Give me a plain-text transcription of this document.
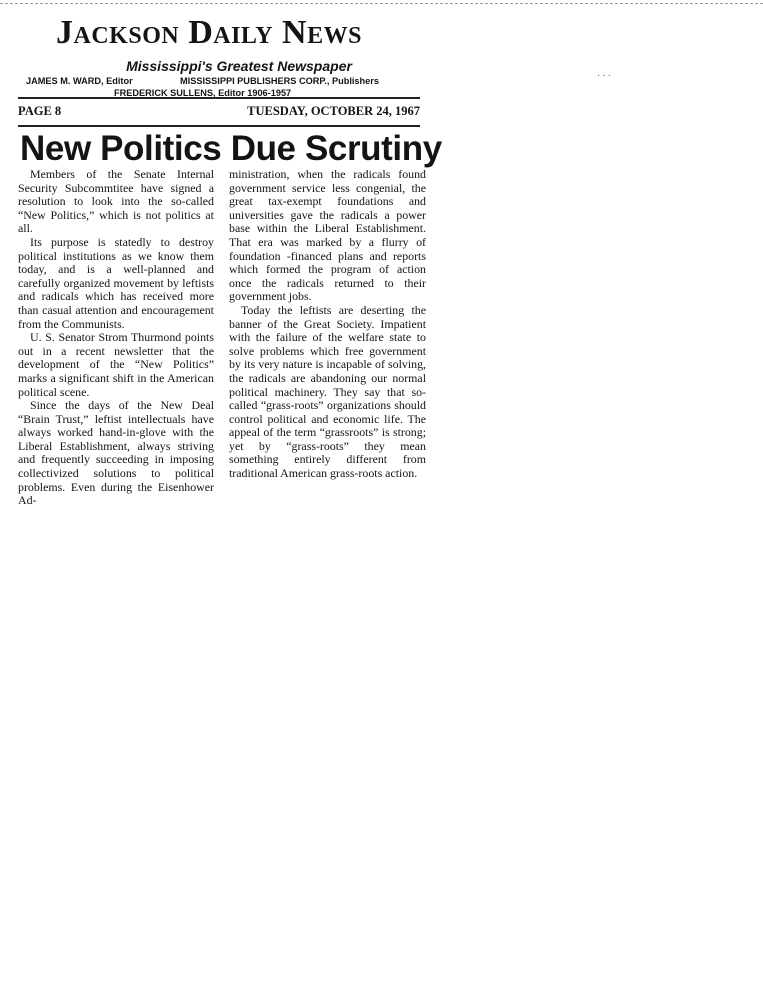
···
Jackson Daily News
Mississippi's Greatest Newspaper
JAMES M. WARD, Editor	MISSISSIPPI PUBLISHERS CORP., Publishers
FREDERICK SULLENS, Editor 1906-1957
PAGE 8	TUESDAY, OCTOBER 24, 1967
New Politics Due Scrutiny

Members of the Senate Internal Security Subcommtitee have signed a resolution to look into the so-called “New Politics,” which is not politics at all.

Its purpose is statedly to destroy political institutions as we know them today, and is a well-planned and carefully organized movement by leftists and radicals which has received more than casual attention and encouragement from the Communists.

U. S. Senator Strom Thurmond points out in a recent newsletter that the development of the “New Politics” marks a significant shift in the American political scene.

Since the days of the New Deal “Brain Trust,” leftist intellectuals have always worked hand-in-glove with the Liberal Establishment, always striving and frequently succeeding in imposing collectivized solutions to political problems. Even during the Eisenhower Ad-

ministration, when the radicals found government service less congenial, the great tax-exempt foundations and universities gave the radicals a power base within the Liberal Establishment. That era was marked by a flurry of foundation -financed plans and reports which formed the program of action once the radicals returned to their government jobs.

Today the leftists are deserting the banner of the Great Society. Impatient with the failure of the welfare state to solve problems which free government by its very nature is incapable of solving, the radicals are abandoning our normal political machinery. They say that so-called “grass-roots” organizations should control political and economic life. The appeal of the term “grassroots” is strong; yet by “grass-roots” they mean something entirely different from traditional American grass-roots action.
